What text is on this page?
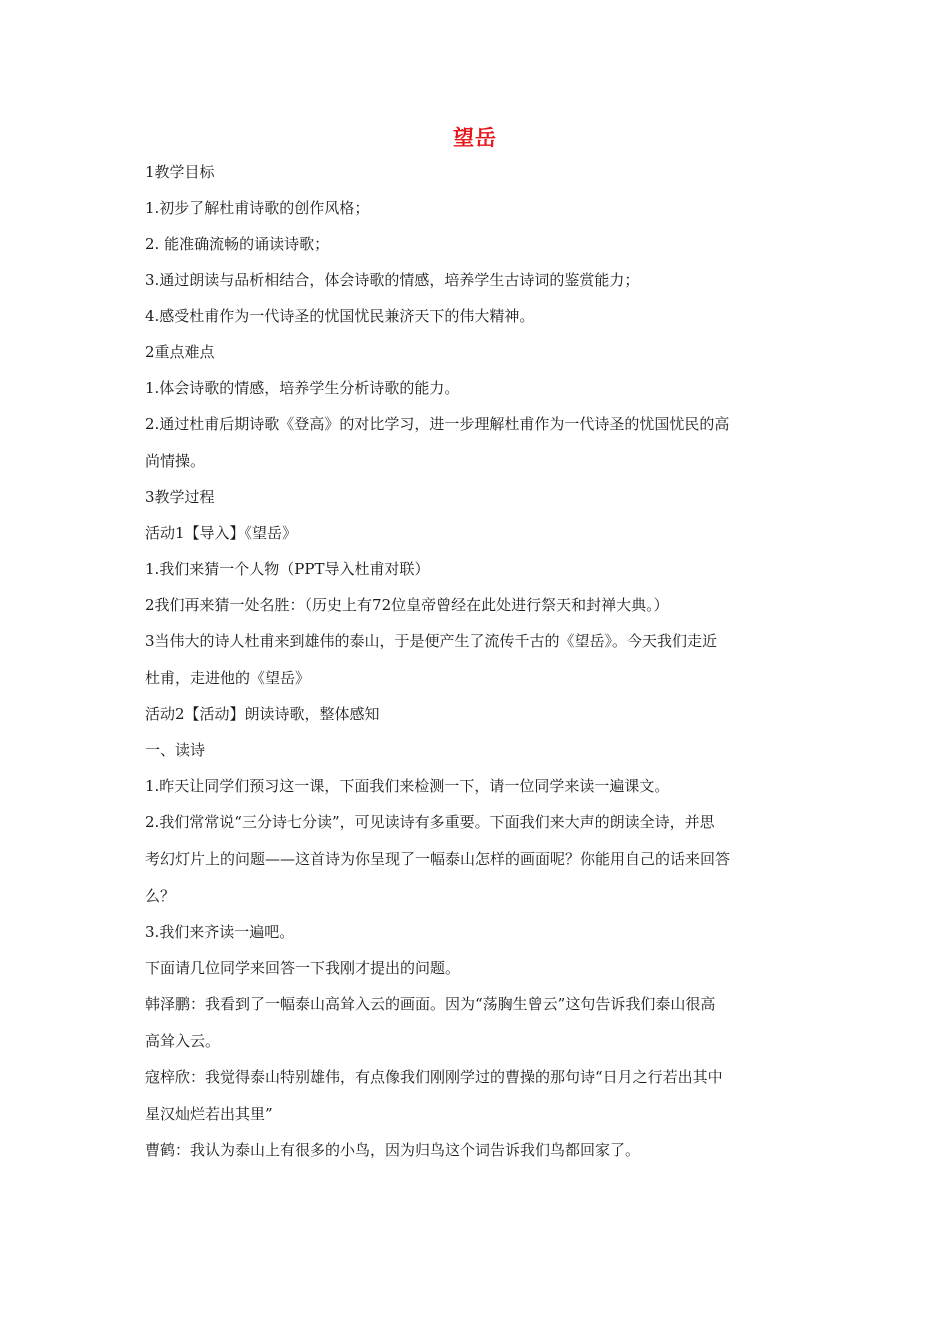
望岳

1教学目标

1.初步了解杜甫诗歌的创作风格；

2. 能准确流畅的诵读诗歌；

3.通过朗读与品析相结合，体会诗歌的情感，培养学生古诗词的鉴赏能力；

4.感受杜甫作为一代诗圣的忧国忧民兼济天下的伟大精神。

2重点难点

1.体会诗歌的情感，培养学生分析诗歌的能力。

2.通过杜甫后期诗歌《登高》的对比学习，进一步理解杜甫作为一代诗圣的忧国忧民的高
尚情操。

3教学过程

活动1【导入】《望岳》

1.我们来猜一个人物（PPT导入杜甫对联）

2我们再来猜一处名胜：（历史上有72位皇帝曾经在此处进行祭天和封禅大典。）

3当伟大的诗人杜甫来到雄伟的泰山，于是便产生了流传千古的《望岳》。今天我们走近
杜甫，走进他的《望岳》

活动2【活动】朗读诗歌，整体感知

一、读诗

1.昨天让同学们预习这一课，下面我们来检测一下，请一位同学来读一遍课文。

2.我们常常说“三分诗七分读”，可见读诗有多重要。下面我们来大声的朗读全诗，并思
考幻灯片上的问题——这首诗为你呈现了一幅泰山怎样的画面呢？你能用自己的话来回答
么？

3.我们来齐读一遍吧。

下面请几位同学来回答一下我刚才提出的问题。

韩泽鹏：我看到了一幅泰山高耸入云的画面。因为“荡胸生曾云”这句告诉我们泰山很高
高耸入云。
寇梓欣：我觉得泰山特别雄伟，有点像我们刚刚学过的曹操的那句诗“日月之行若出其中
星汉灿烂若出其里”

曹鹤：我认为泰山上有很多的小鸟，因为归鸟这个词告诉我们鸟都回家了。
